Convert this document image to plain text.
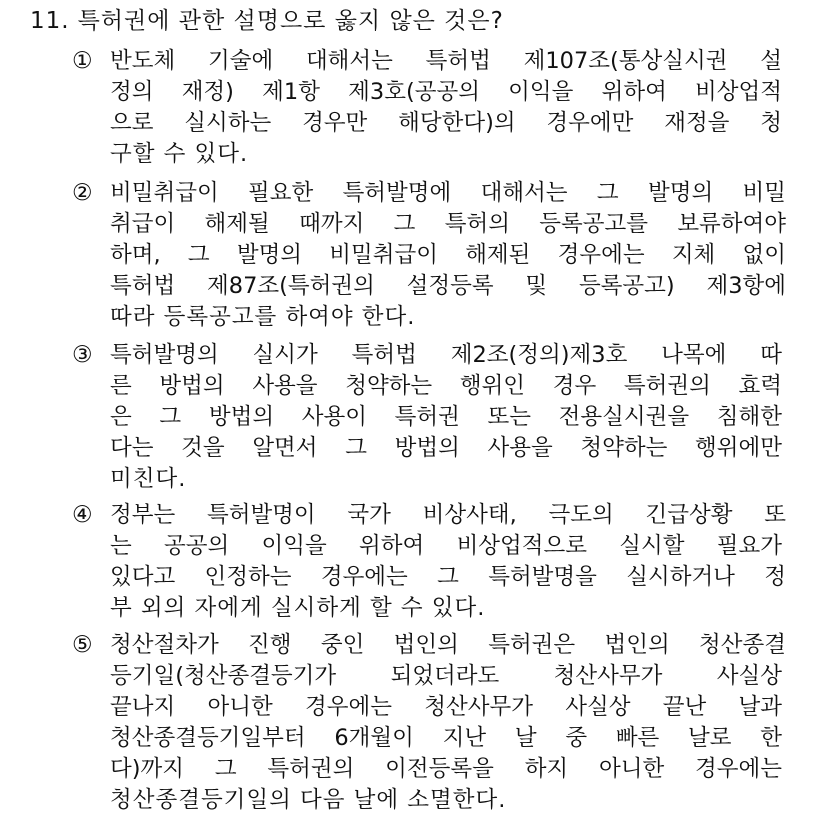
11. 특허권에 관한 설명으로 옳지 않은 것은?
① 반도체 기술에 대해서는 특허법 제107조(통상실시권 설
정의 재정) 제1항 제3호(공공의 이익을 위하여 비상업적
으로 실시하는 경우만 해당한다)의 경우에만 재정을 청
구할 수 있다.
② 비밀취급이 필요한 특허발명에 대해서는 그 발명의 비밀
취급이 해제될 때까지 그 특허의 등록공고를 보류하여야
하며, 그 발명의 비밀취급이 해제된 경우에는 지체 없이
특허법 제87조(특허권의 설정등록 및 등록공고) 제3항에
따라 등록공고를 하여야 한다.
③ 특허발명의 실시가 특허법 제2조(정의)제3호 나목에 따
른 방법의 사용을 청약하는 행위인 경우 특허권의 효력
은 그 방법의 사용이 특허권 또는 전용실시권을 침해한
다는 것을 알면서 그 방법의 사용을 청약하는 행위에만
미친다.
④ 정부는 특허발명이 국가 비상사태, 극도의 긴급상황 또
는 공공의 이익을 위하여 비상업적으로 실시할 필요가
있다고 인정하는 경우에는 그 특허발명을 실시하거나 정
부 외의 자에게 실시하게 할 수 있다.
⑤ 청산절차가 진행 중인 법인의 특허권은 법인의 청산종결
등기일(청산종결등기가 되었더라도 청산사무가 사실상
끝나지 아니한 경우에는 청산사무가 사실상 끝난 날과
청산종결등기일부터 6개월이 지난 날 중 빠른 날로 한
다)까지 그 특허권의 이전등록을 하지 아니한 경우에는
청산종결등기일의 다음 날에 소멸한다.
